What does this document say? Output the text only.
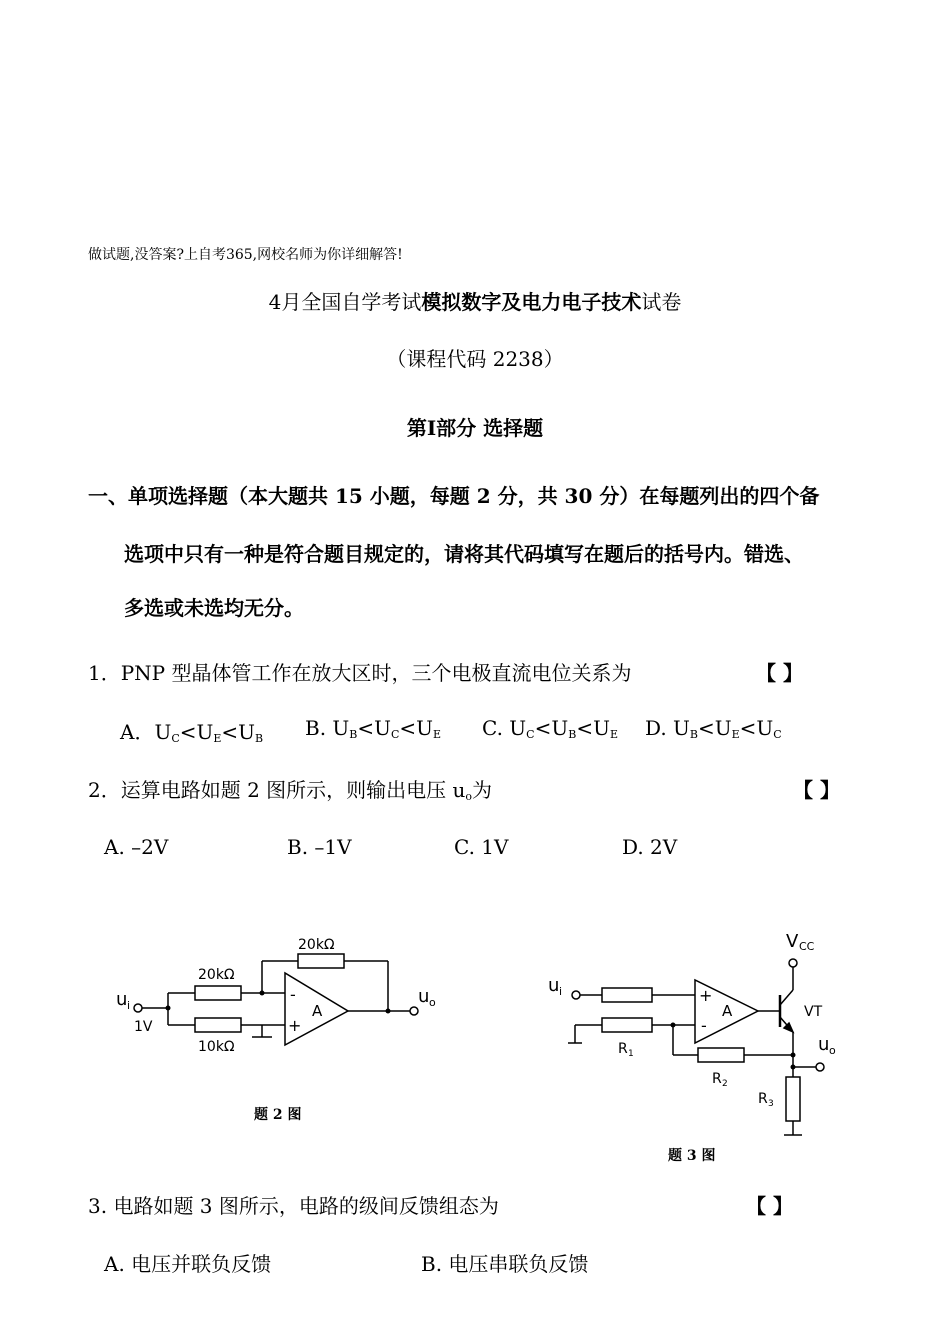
做试题,没答案?上自考365,网校名师为你详细解答!
4月全国自学考试模拟数字及电力电子技术试卷
（课程代码 2238）
第I部分 选择题
一、单项选择题（本大题共 15 小题，每题 2 分，共 30 分）在每题列出的四个备
选项中只有一种是符合题目规定的，请将其代码填写在题后的括号内。错选、
多选或未选均无分。
1．PNP 型晶体管工作在放大区时，三个电极直流电位关系为	【 】
A．$U_C<U_E<U_B$ B. $U_B<U_C<U_E$ C. $U_C<U_B<U_E$ D. $U_B<U_E<U_C$
2．运算电路如题 2 图所示，则输出电压 $u_o$为	【 】
A. –2V	B. –1V	C. 1V	D. 2V
20kΩ
20kΩ
10kΩ
u i
1V
-
+
A
u o
题 2 图
V CC
u i	+
-
A	VT
u o
R 1
R 2
R 3
题 3 图
3. 电路如题 3 图所示，电路的级间反馈组态为	【 】
A. 电压并联负反馈	B. 电压串联负反馈
